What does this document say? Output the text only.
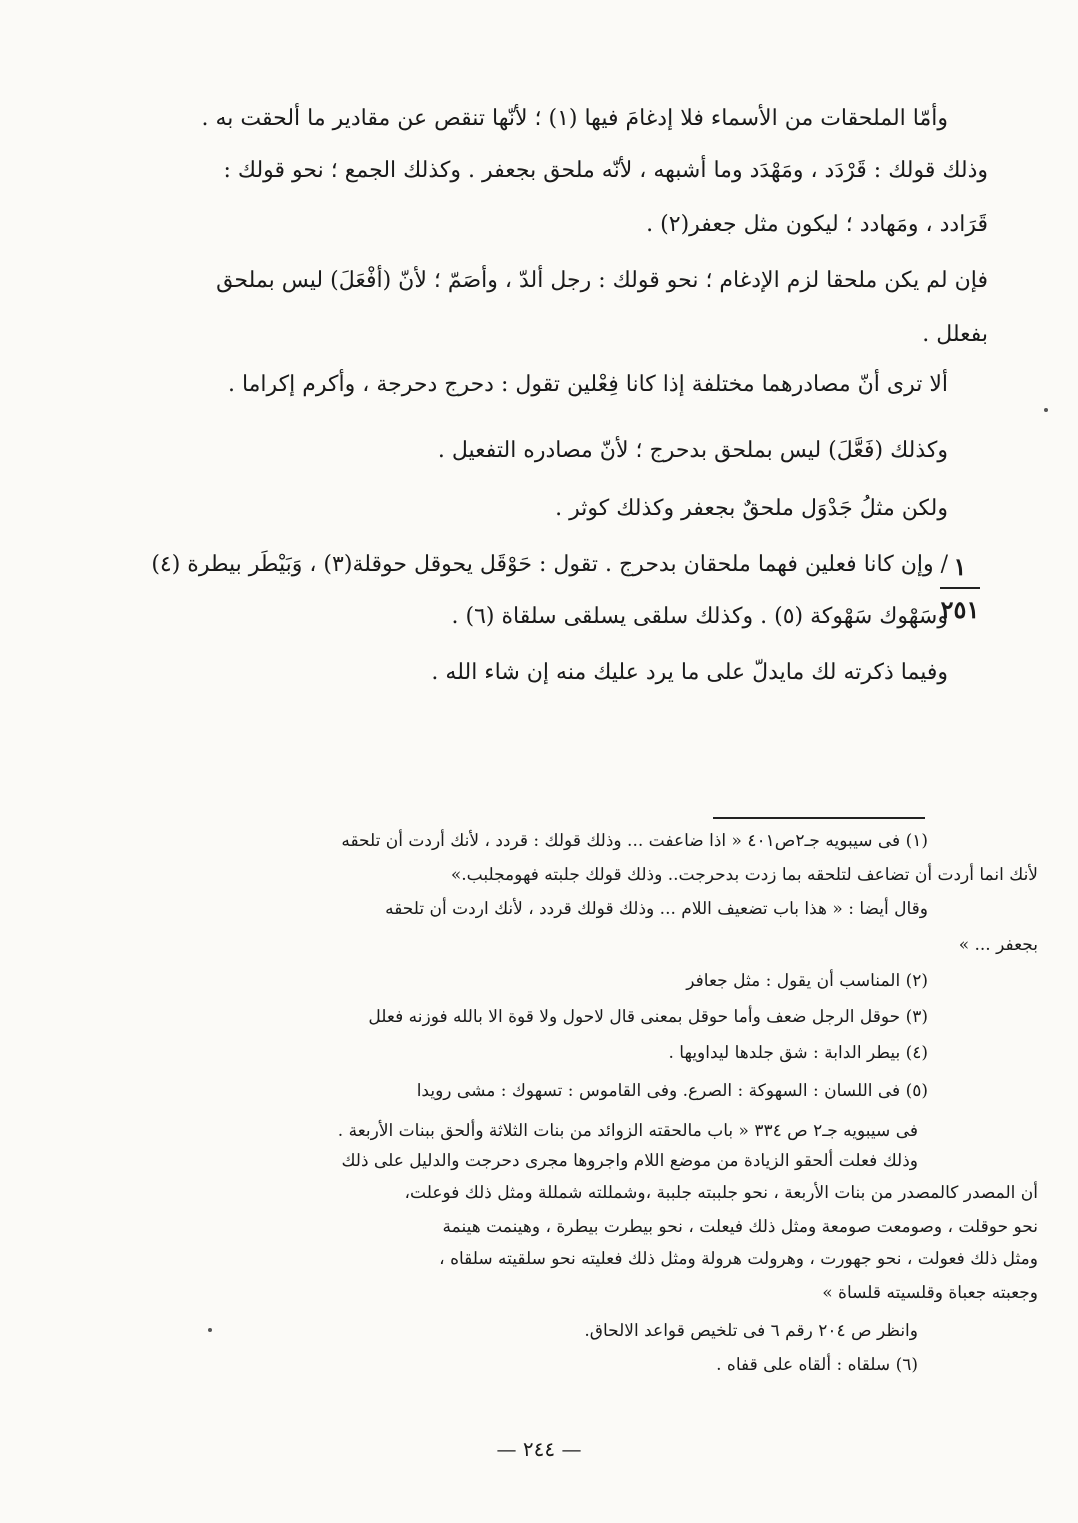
وأمّا الملحقات من الأسماء فلا إدغامَ فيها (١) ؛ لأنّها تنقص عن مقادير ما ألحقت به .
وذلك قولك : قَرْدَد ، ومَهْدَد وما أشبهه ، لأنّه ملحق بجعفر . وكذلك الجمع ؛ نحو قولك :
قَرَادد ، ومَهادد ؛ ليكون مثل جعفر(٢) .
فإن لم يكن ملحقا لزم الإدغام ؛ نحو قولك : رجل ألدّ ، وأصَمّ ؛ لأنّ (أفْعَلَ) ليس بملحق
بفعلل .
ألا ترى أنّ مصادرهما مختلفة إذا كانا فِعْلين تقول : دحرج دحرجة ، وأكرم إكراما .
وكذلك (فَعَّلَ) ليس بملحق بدحرج ؛ لأنّ مصادره التفعيل .
ولكن مثلُ جَدْوَل ملحقٌ بجعفر وكذلك كوثر .
/ وإن كانا فعلين فهما ملحقان بدحرج . تقول : حَوْقَل يحوقل حوقلة(٣) ، وَبَيْطَر بيطرة (٤)
وسَهْوك سَهْوكة (٥) . وكذلك سلقى يسلقى سلقاة (٦) .
وفيما ذكرته لك مايدلّ على ما يرد عليك منه إن شاء الله .
١
٢٥١
(١) فى سيبويه جـ٢ص٤٠١ « اذا ضاعفت ... وذلك قولك : قردد ، لأنك أردت أن تلحقه
لأنك انما أردت أن تضاعف لتلحقه بما زدت بدحرجت.. وذلك قولك جلبته فهومجلبب.»
وقال أيضا : « هذا باب تضعيف اللام ... وذلك قولك قردد ، لأنك اردت أن تلحقه
بجعفر ... »
(٢) المناسب أن يقول : مثل جعافر
(٣) حوقل الرجل ضعف وأما حوقل بمعنى قال لاحول ولا قوة الا بالله فوزنه فعلل
(٤) بيطر الدابة : شق جلدها ليداويها .
(٥) فى اللسان : السهوكة : الصرع. وفى القاموس : تسهوك : مشى رويدا
فى سيبويه جـ٢ ص ٣٣٤ « باب مالحقته الزوائد من بنات الثلاثة وألحق ببنات الأربعة .
وذلك فعلت ألحقو الزيادة من موضع اللام واجروها مجرى دحرجت والدليل على ذلك
أن المصدر كالمصدر من بنات الأربعة ، نحو جلببته جلببة ،وشمللته شمللة ومثل ذلك فوعلت،
نحو حوقلت ، وصومعت صومعة ومثل ذلك فيعلت ، نحو بيطرت بيطرة ، وهينمت هينمة
ومثل ذلك فعولت ، نحو جهورت ، وهرولت هرولة ومثل ذلك فعليته نحو سلقيته سلقاه ،
وجعبته جعباة وقلسيته قلساة »
وانظر ص ٢٠٤ رقم ٦ فى تلخيص قواعد الالحاق.
(٦) سلقاه : ألقاه على قفاه .
— ٢٤٤ —
